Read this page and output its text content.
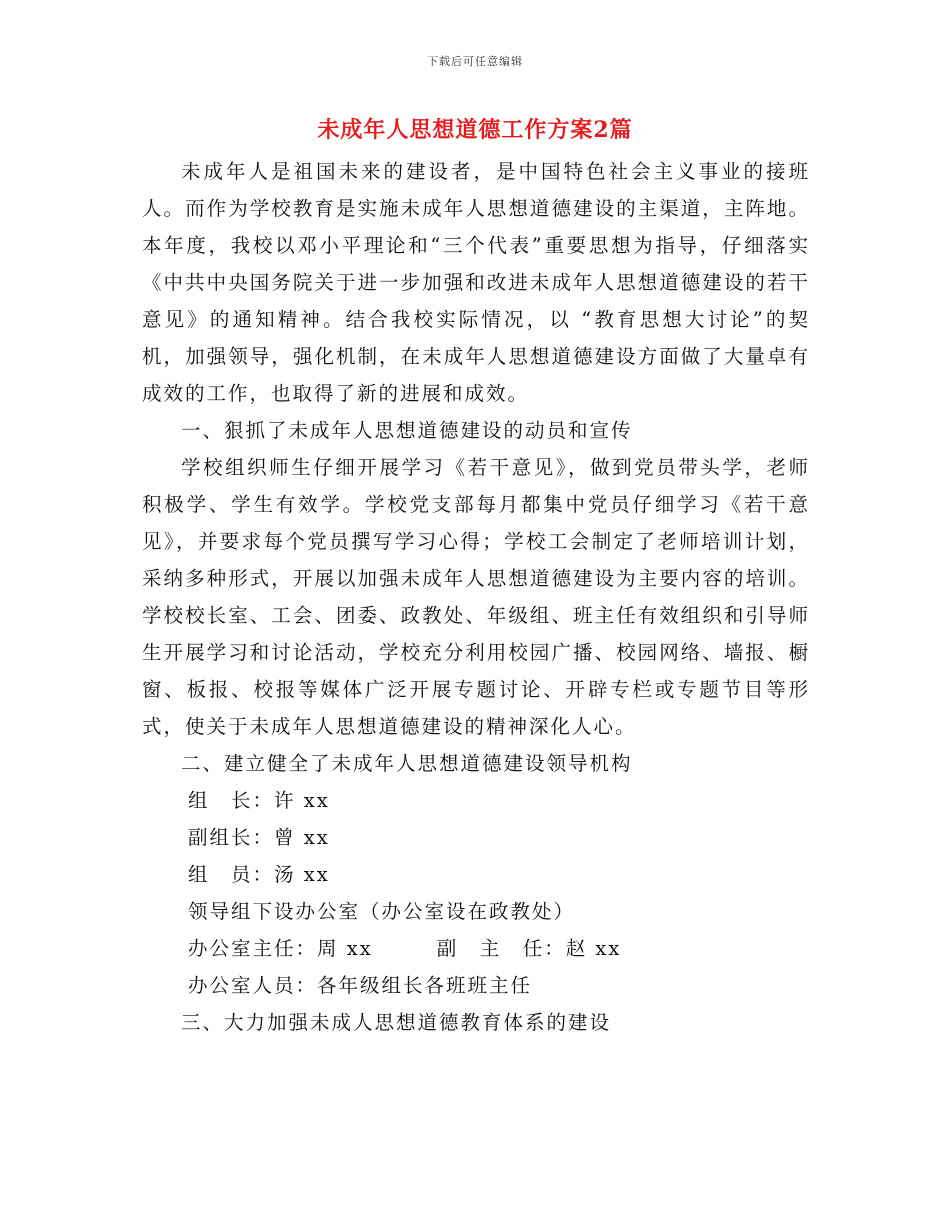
下载后可任意编辑
未成年人思想道德工作方案2篇

未成年人是祖国未来的建设者，是中国特色社会主义事业的接班人。而作为学校教育是实施未成年人思想道德建设的主渠道，主阵地。本年度，我校以邓小平理论和“三个代表”重要思想为指导，仔细落实《中共中央国务院关于进一步加强和改进未成年人思想道德建设的若干意见》的通知精神。结合我校实际情况，以 “教育思想大讨论”的契机，加强领导，强化机制，在未成年人思想道德建设方面做了大量卓有成效的工作，也取得了新的进展和成效。

一、狠抓了未成年人思想道德建设的动员和宣传

学校组织师生仔细开展学习《若干意见》，做到党员带头学，老师积极学、学生有效学。学校党支部每月都集中党员仔细学习《若干意见》，并要求每个党员撰写学习心得；学校工会制定了老师培训计划，采纳多种形式，开展以加强未成年人思想道德建设为主要内容的培训。学校校长室、工会、团委、政教处、年级组、班主任有效组织和引导师生开展学习和讨论活动，学校充分利用校园广播、校园网络、墙报、橱窗、板报、校报等媒体广泛开展专题讨论、开辟专栏或专题节目等形式，使关于未成年人思想道德建设的精神深化人心。

二、建立健全了未成年人思想道德建设领导机构

组　长：许 xx
副组长：曾 xx
组　员：汤 xx
领导组下设办公室（办公室设在政教处）
办公室主任：周 xx	副　主　任：赵 xx
办公室人员：各年级组长各班班主任

三、大力加强未成人思想道德教育体系的建设
